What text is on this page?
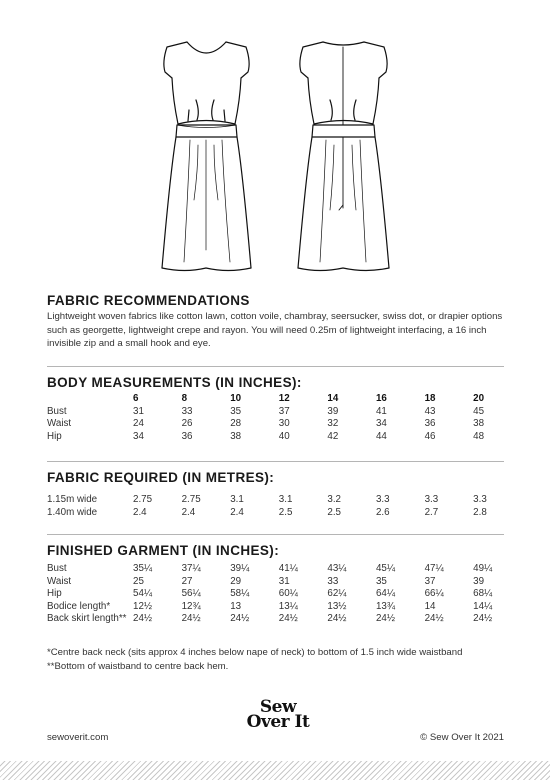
FABRIC RECOMMENDATIONS
Lightweight woven fabrics like cotton lawn, cotton voile, chambray, seersucker, swiss dot, or drapier options such as georgette, lightweight crepe and rayon. You will need 0.25m of lightweight interfacing, a 16 inch invisible zip and a small hook and eye.
BODY MEASUREMENTS (IN INCHES):
	6	8	10	12	14	16	18	20
Bust	31	33	35	37	39	41	43	45
Waist	24	26	28	30	32	34	36	38
Hip	34	36	38	40	42	44	46	48
FABRIC REQUIRED (IN METRES):
1.15m wide	2.75	2.75	3.1	3.1	3.2	3.3	3.3	3.3
1.40m wide	2.4	2.4	2.4	2.5	2.5	2.6	2.7	2.8
FINISHED GARMENT (IN INCHES):
Bust	35¼	37¼	39¼	41¼	43¼	45¼	47¼	49¼
Waist	25	27	29	31	33	35	37	39
Hip	54¼	56¼	58¼	60¼	62¼	64¼	66¼	68¼
Bodice length*	12½	12¾	13	13¼	13½	13¾	14	14¼
Back skirt length**	24½	24½	24½	24½	24½	24½	24½	24½
*Centre back neck (sits approx 4 inches below nape of neck) to bottom of 1.5 inch wide waistband
**Bottom of waistband to centre back hem.
sewoverit.com
Sew
Over It
© Sew Over It 2021
